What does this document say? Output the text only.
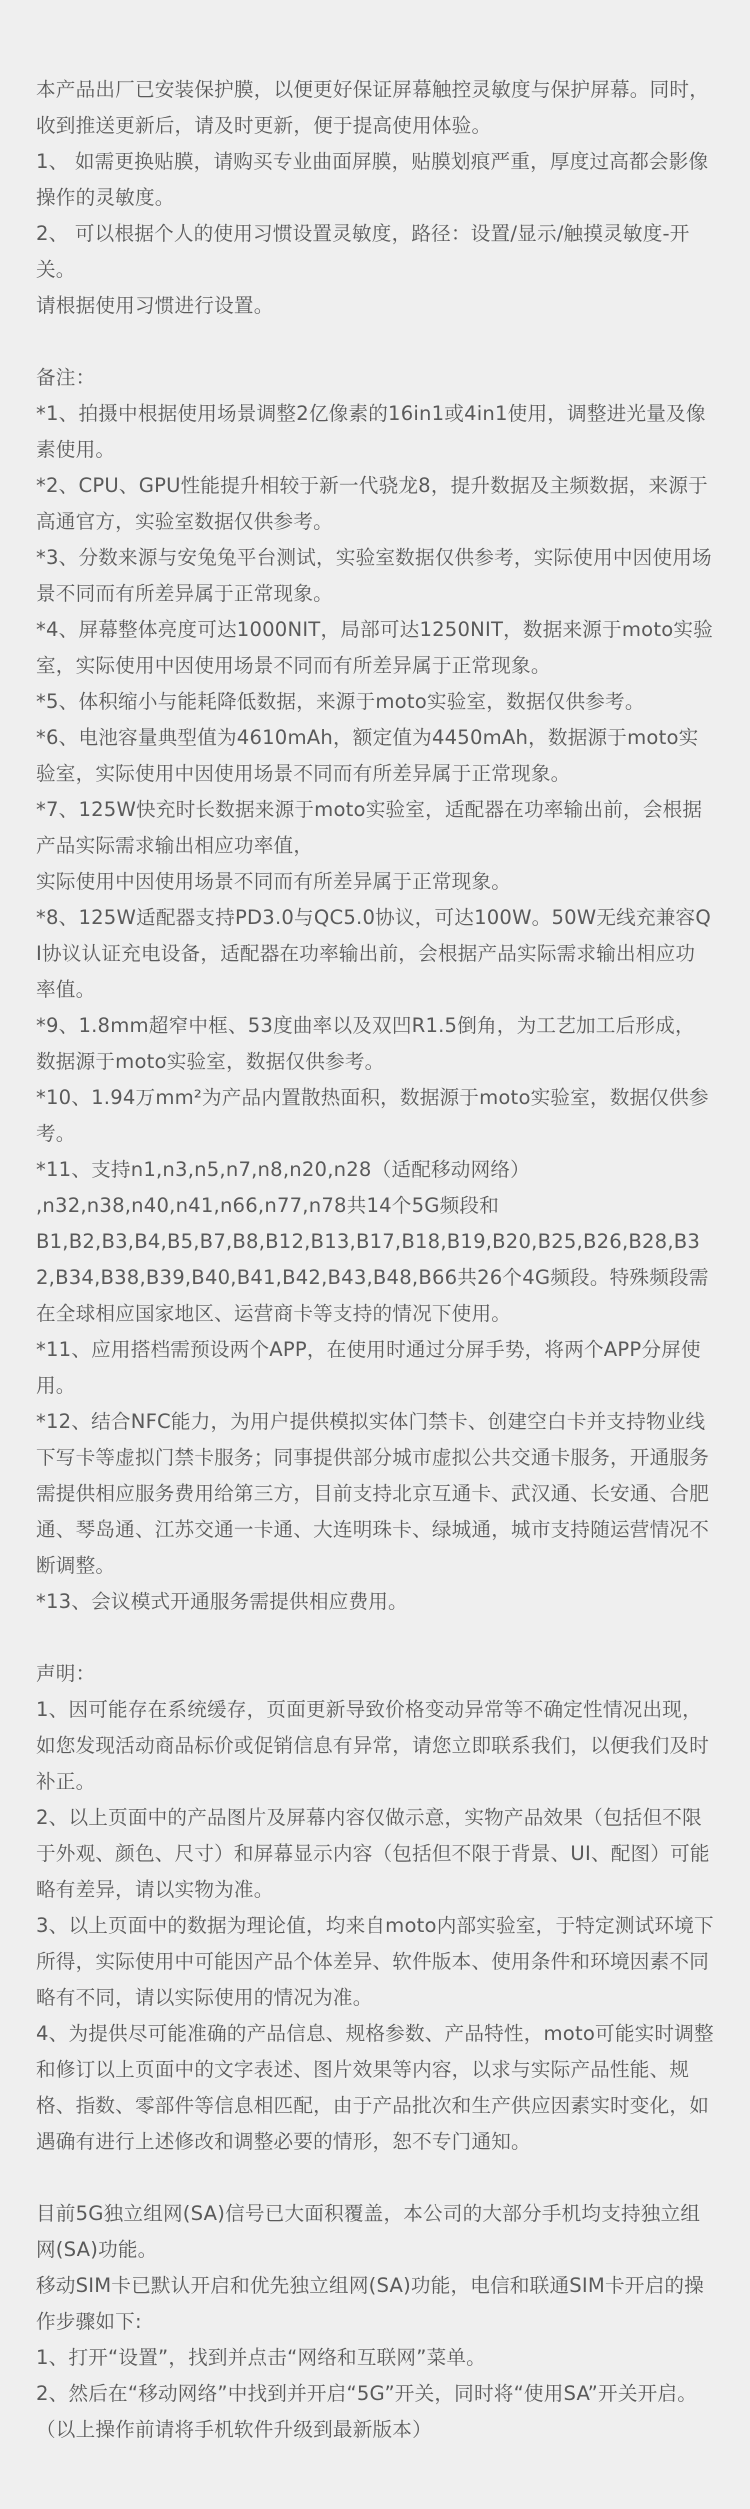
本产品出厂已安装保护膜，以便更好保证屏幕触控灵敏度与保护屏幕。同时，收到推送更新后，请及时更新，便于提高使用体验。

1、 如需更换贴膜，请购买专业曲面屏膜，贴膜划痕严重，厚度过高都会影像操作的灵敏度。

2、 可以根据个人的使用习惯设置灵敏度，路径：设置/显示/触摸灵敏度-开关。

请根据使用习惯进行设置。

备注：

*1、拍摄中根据使用场景调整2亿像素的16in1或4in1使用，调整进光量及像素使用。

*2、CPU、GPU性能提升相较于新一代骁龙8，提升数据及主频数据，来源于高通官方，实验室数据仅供参考。

*3、分数来源与安兔兔平台测试，实验室数据仅供参考，实际使用中因使用场景不同而有所差异属于正常现象。

*4、屏幕整体亮度可达1000NIT，局部可达1250NIT，数据来源于moto实验室，实际使用中因使用场景不同而有所差异属于正常现象。

*5、体积缩小与能耗降低数据，来源于moto实验室，数据仅供参考。

*6、电池容量典型值为4610mAh，额定值为4450mAh，数据源于moto实验室，实际使用中因使用场景不同而有所差异属于正常现象。

*7、125W快充时长数据来源于moto实验室，适配器在功率输出前，会根据产品实际需求输出相应功率值，

实际使用中因使用场景不同而有所差异属于正常现象。

*8、125W适配器支持PD3.0与QC5.0协议，可达100W。50W无线充兼容QI协议认证充电设备，适配器在功率输出前，会根据产品实际需求输出相应功率值。

*9、1.8mm超窄中框、53度曲率以及双凹R1.5倒角，为工艺加工后形成，数据源于moto实验室，数据仅供参考。

*10、1.94万mm²为产品内置散热面积，数据源于moto实验室，数据仅供参考。

*11、支持n1,n3,n5,n7,n8,n20,n28（适配移动网络）

,n32,n38,n40,n41,n66,n77,n78共14个5G频段和

B1,B2,B3,B4,B5,B7,B8,B12,B13,B17,B18,B19,B20,B25,B26,B28,B32,B34,B38,B39,B40,B41,B42,B43,B48,B66共26个4G频段。特殊频段需在全球相应国家地区、运营商卡等支持的情况下使用。

*11、应用搭档需预设两个APP，在使用时通过分屏手势，将两个APP分屏使用。

*12、结合NFC能力，为用户提供模拟实体门禁卡、创建空白卡并支持物业线下写卡等虚拟门禁卡服务；同事提供部分城市虚拟公共交通卡服务，开通服务需提供相应服务费用给第三方，目前支持北京互通卡、武汉通、长安通、合肥通、琴岛通、江苏交通一卡通、大连明珠卡、绿城通，城市支持随运营情况不断调整。

*13、会议模式开通服务需提供相应费用。

声明：

1、因可能存在系统缓存，页面更新导致价格变动异常等不确定性情况出现，如您发现活动商品标价或促销信息有异常，请您立即联系我们，以便我们及时补正。

2、以上页面中的产品图片及屏幕内容仅做示意，实物产品效果（包括但不限于外观、颜色、尺寸）和屏幕显示内容（包括但不限于背景、UI、配图）可能略有差异，请以实物为准。

3、以上页面中的数据为理论值，均来自moto内部实验室，于特定测试环境下所得，实际使用中可能因产品个体差异、软件版本、使用条件和环境因素不同略有不同，请以实际使用的情况为准。

4、为提供尽可能准确的产品信息、规格参数、产品特性，moto可能实时调整和修订以上页面中的文字表述、图片效果等内容，以求与实际产品性能、规格、指数、零部件等信息相匹配，由于产品批次和生产供应因素实时变化，如遇确有进行上述修改和调整必要的情形，恕不专门通知。

目前5G独立组网(SA)信号已大面积覆盖，本公司的大部分手机均支持独立组网(SA)功能。

移动SIM卡已默认开启和优先独立组网(SA)功能，电信和联通SIM卡开启的操作步骤如下:

1、打开“设置”，找到并点击“网络和互联网”菜单。

2、然后在“移动网络”中找到并开启“5G”开关，同时将“使用SA”开关开启。

（以上操作前请将手机软件升级到最新版本）
